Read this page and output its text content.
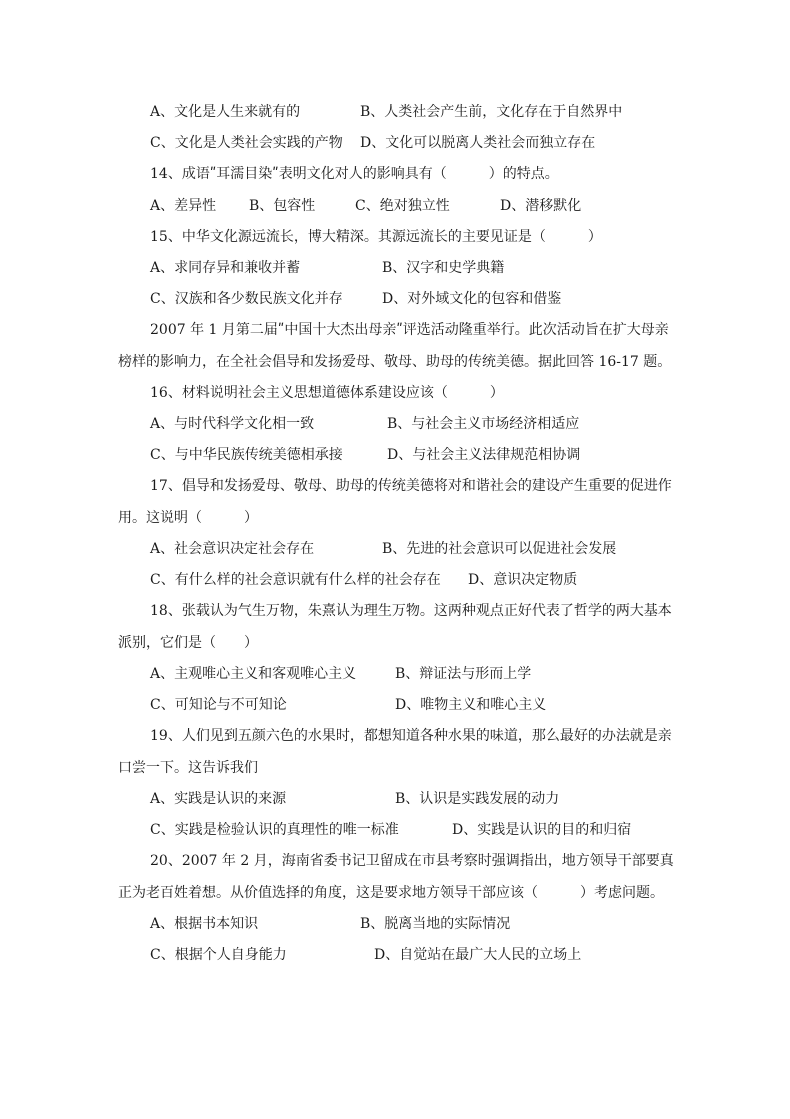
A、文化是人生来就有的	B、人类社会产生前，文化存在于自然界中
C、文化是人类社会实践的产物 D、文化可以脱离人类社会而独立存在
14、成语ʺ耳濡目染ʺ表明文化对人的影响具有（　　　）的特点。
A、差异性 B、包容性	C、绝对独立性	D、潜移默化
15、中华文化源远流长，博大精深。其源远流长的主要见证是（　　　）
A、求同存异和兼收并蓄	B、汉字和史学典籍
C、汉族和各少数民族文化并存	D、对外域文化的包容和借鉴
2007 年 1 月第二届ʺ中国十大杰出母亲ʺ评选活动隆重举行。此次活动旨在扩大母亲
榜样的影响力，在全社会倡导和发扬爱母、敬母、助母的传统美德。据此回答 16-17 题。
16、材料说明社会主义思想道德体系建设应该（　　　）
A、与时代科学文化相一致	B、与社会主义市场经济相适应
C、与中华民族传统美德相承接	D、与社会主义法律规范相协调
17、倡导和发扬爱母、敬母、助母的传统美德将对和谐社会的建设产生重要的促进作
用。这说明（　　　）
A、社会意识决定社会存在	B、先进的社会意识可以促进社会发展
C、有什么样的社会意识就有什么样的社会存在 D、意识决定物质
18、张载认为气生万物，朱熹认为理生万物。这两种观点正好代表了哲学的两大基本
派别，它们是（　　）
A、主观唯心主义和客观唯心主义	B、辩证法与形而上学
C、可知论与不可知论	D、唯物主义和唯心主义
19、人们见到五颜六色的水果时，都想知道各种水果的味道，那么最好的办法就是亲
口尝一下。这告诉我们
A、实践是认识的来源	B、认识是实践发展的动力
C、实践是检验认识的真理性的唯一标准	D、实践是认识的目的和归宿
20、2007 年 2 月，海南省委书记卫留成在市县考察时强调指出，地方领导干部要真
正为老百姓着想。从价值选择的角度，这是要求地方领导干部应该（　　　）考虑问题。
A、根据书本知识	B、脱离当地的实际情况
C、根据个人自身能力	D、自觉站在最广大人民的立场上
